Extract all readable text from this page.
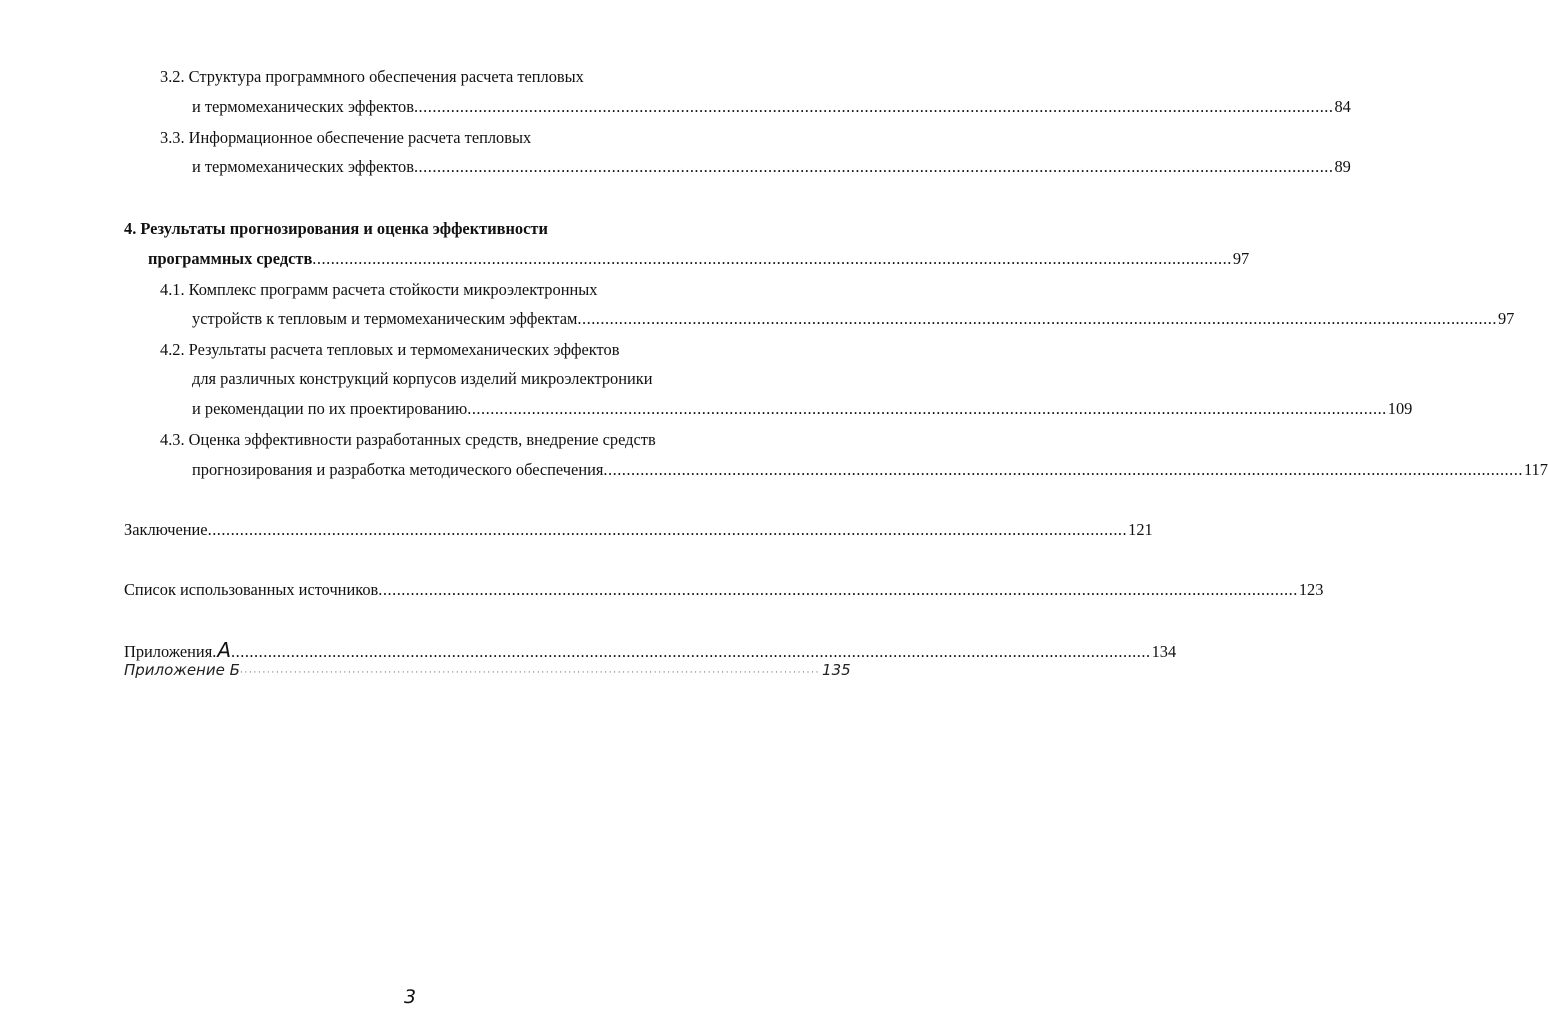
3.2. Структура программного обеспечения расчета тепловых
и термомеханических эффектов ........................................................................................................................................................................................................ 84
3.3. Информационное обеспечение расчета тепловых
и термомеханических эффектов ........................................................................................................................................................................................................ 89
4. Результаты прогнозирования и оценка эффективности
программных средств ........................................................................................................................................................................................................ 97
4.1. Комплекс программ расчета стойкости микроэлектронных
устройств к тепловым и термомеханическим эффектам ........................................................................................................................................................................................................ 97
4.2. Результаты расчета тепловых и термомеханических эффектов
для различных конструкций корпусов изделий микроэлектроники
и рекомендации по их проектированию ........................................................................................................................................................................................................ 109
4.3. Оценка эффективности разработанных средств, внедрение средств
прогнозирования и разработка методического обеспечения ........................................................................................................................................................................................................ 117
Заключение ........................................................................................................................................................................................................ 121
Список использованных источников ........................................................................................................................................................................................................ 123
Приложения. А ........................................................................................................................................................................................................ 134
Приложение Б ································································································································· 135
3
